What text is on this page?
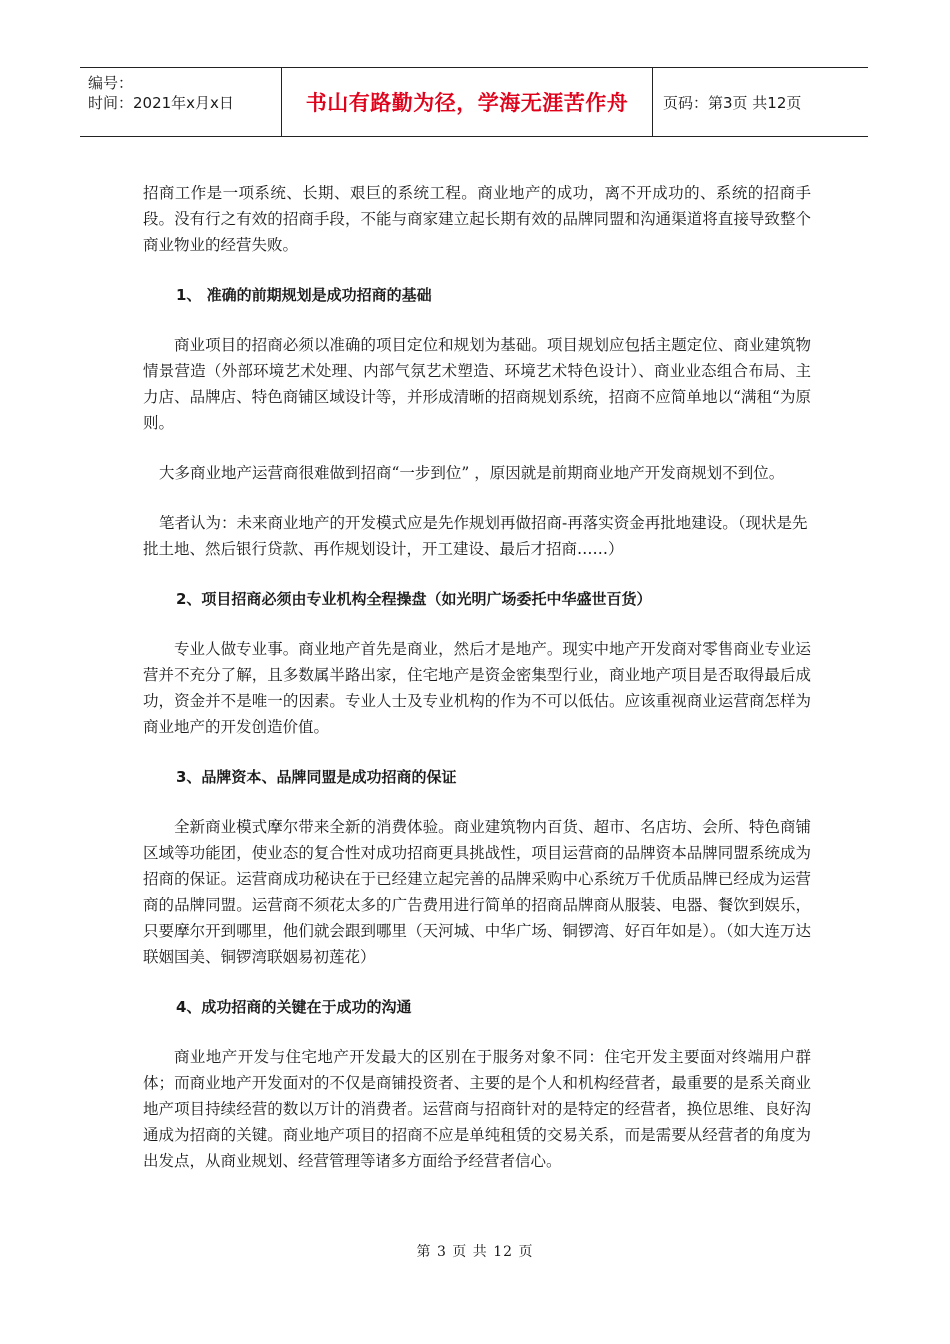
编号：
时间：2021年x月x日	书山有路勤为径，学海无涯苦作舟	页码：第3页 共12页

招商工作是一项系统、长期、艰巨的系统工程。商业地产的成功，离不开成功的、系统的招商手段。没有行之有效的招商手段，不能与商家建立起长期有效的品牌同盟和沟通渠道将直接导致整个商业物业的经营失败。

1、 准确的前期规划是成功招商的基础

商业项目的招商必须以准确的项目定位和规划为基础。项目规划应包括主题定位、商业建筑物情景营造（外部环境艺术处理、内部气氛艺术塑造、环境艺术特色设计）、商业业态组合布局、主力店、品牌店、特色商铺区域设计等，并形成清晰的招商规划系统，招商不应简单地以“满租“为原则。

大多商业地产运营商很难做到招商“一步到位” ，原因就是前期商业地产开发商规划不到位。

笔者认为：未来商业地产的开发模式应是先作规划再做招商-再落实资金再批地建设。（现状是先批土地、然后银行贷款、再作规划设计，开工建设、最后才招商……）

2、项目招商必须由专业机构全程操盘（如光明广场委托中华盛世百货）

专业人做专业事。商业地产首先是商业，然后才是地产。现实中地产开发商对零售商业专业运营并不充分了解，且多数属半路出家，住宅地产是资金密集型行业，商业地产项目是否取得最后成功，资金并不是唯一的因素。专业人士及专业机构的作为不可以低估。应该重视商业运营商怎样为商业地产的开发创造价值。

3、品牌资本、品牌同盟是成功招商的保证

全新商业模式摩尔带来全新的消费体验。商业建筑物内百货、超市、名店坊、会所、特色商铺区域等功能团，使业态的复合性对成功招商更具挑战性，项目运营商的品牌资本品牌同盟系统成为招商的保证。运营商成功秘诀在于已经建立起完善的品牌采购中心系统万千优质品牌已经成为运营商的品牌同盟。运营商不须花太多的广告费用进行简单的招商品牌商从服装、电器、餐饮到娱乐，只要摩尔开到哪里，他们就会跟到哪里（天河城、中华广场、铜锣湾、好百年如是）。（如大连万达联姻国美、铜锣湾联姻易初莲花）

4、成功招商的关键在于成功的沟通

商业地产开发与住宅地产开发最大的区别在于服务对象不同：住宅开发主要面对终端用户群体；而商业地产开发面对的不仅是商铺投资者、主要的是个人和机构经营者，最重要的是系关商业地产项目持续经营的数以万计的消费者。运营商与招商针对的是特定的经营者，换位思维、良好沟通成为招商的关键。商业地产项目的招商不应是单纯租赁的交易关系，而是需要从经营者的角度为出发点，从商业规划、经营管理等诸多方面给予经营者信心。

第 3 页 共 12 页
